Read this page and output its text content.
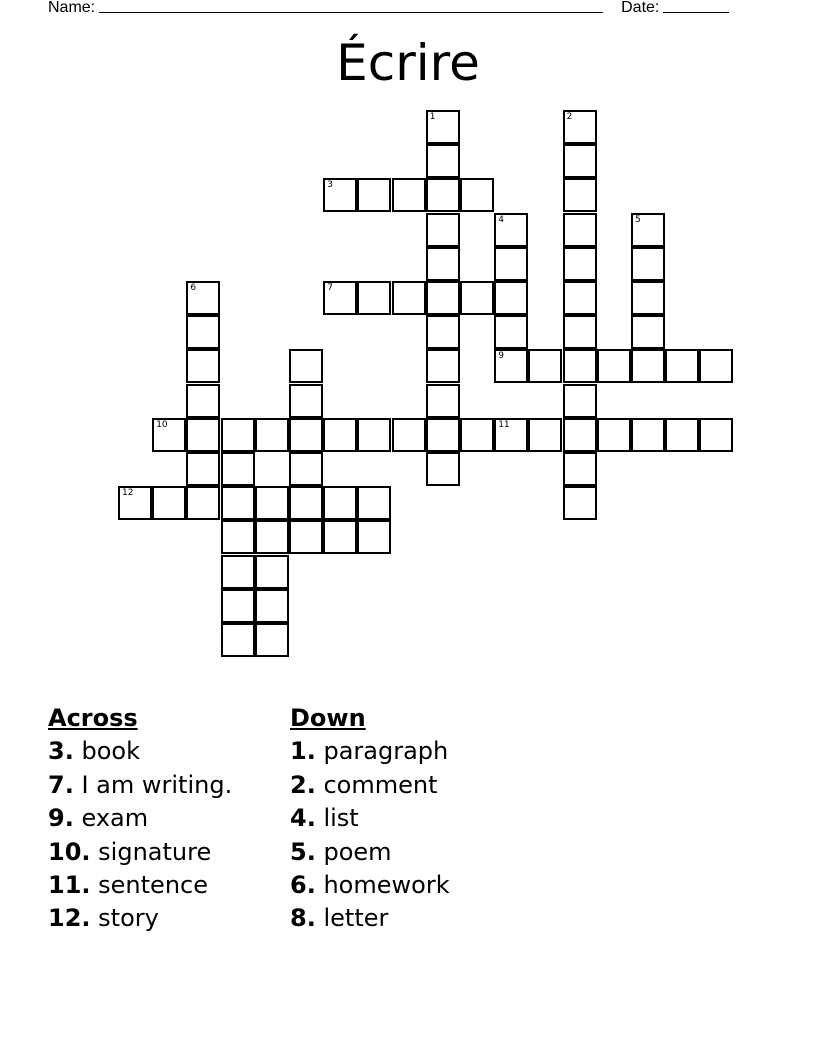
Name:	Date:
Écrire
1	2
3
4	5
6	7
9
10	11
12
Across
3. book
7. I am writing.
9. exam
10. signature
11. sentence
12. story
Down
1. paragraph
2. comment
4. list
5. poem
6. homework
8. letter
